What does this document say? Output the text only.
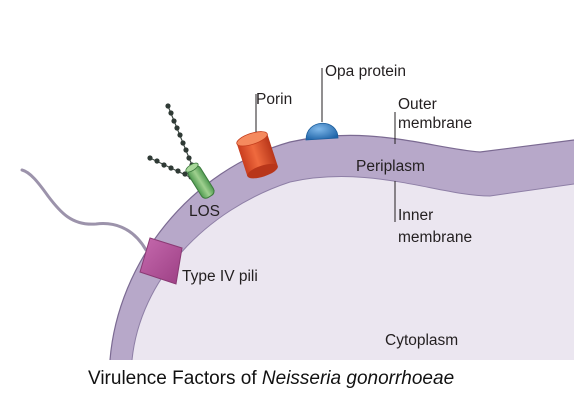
Opa protein
Porin	Outer
membrane
Periplasm
LOS	Inner
membrane
Type IV pili
Cytoplasm
Virulence Factors of Neisseria gonorrhoeae
